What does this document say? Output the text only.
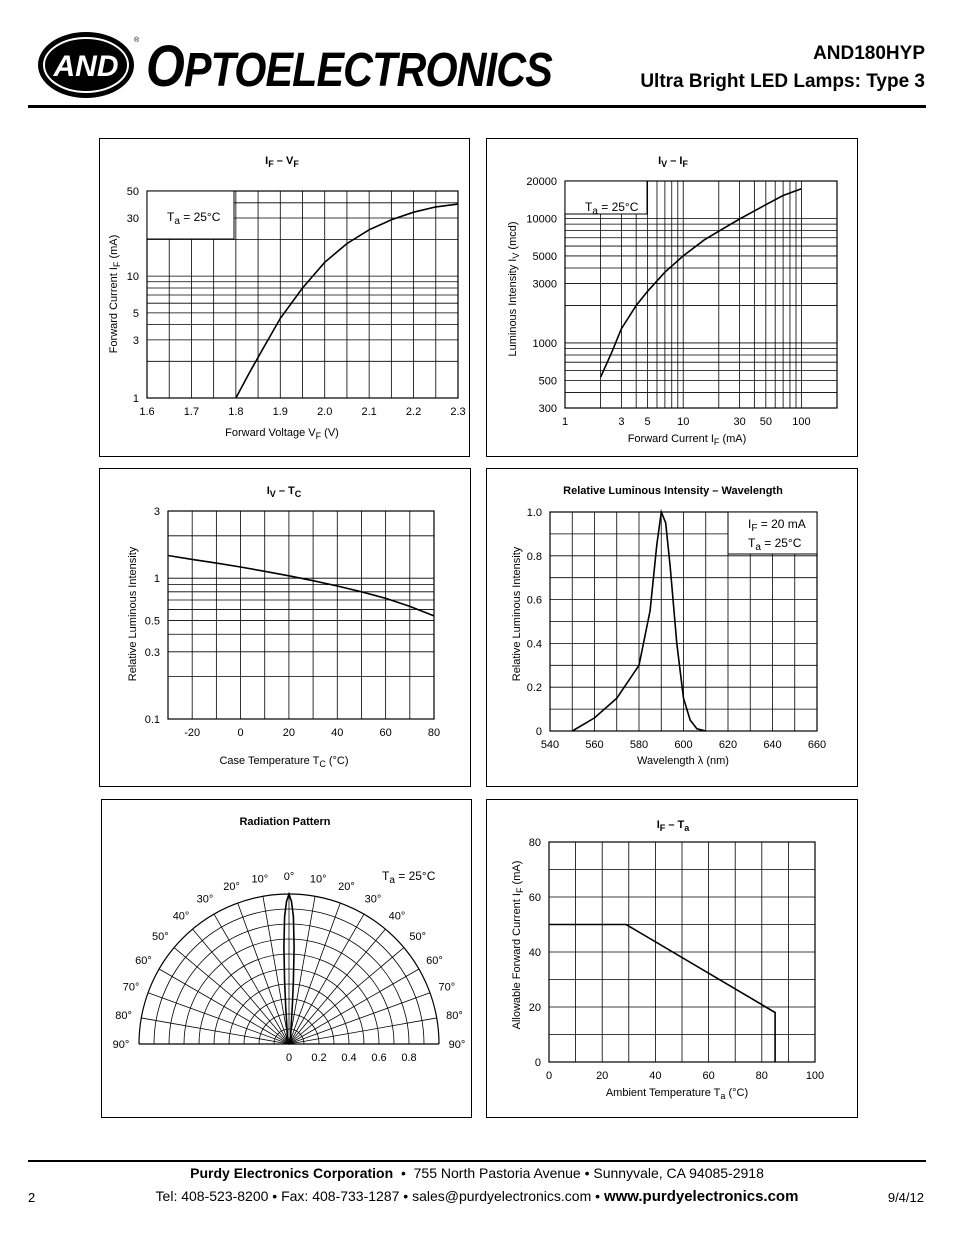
AND
® OPTOELECTRONICS	AND180HYP
Ultra Bright LED Lamps: Type 3
$T_a = 25^\circ C$
1.6	1.7	1.8	1.9	2.0	2.1	2.2	2.3
1
3
5
10
30
50
$I_F - V_F$
Forward Voltage $V_F$ (V)
Forward Current $I_F$ (mA)
$T_a = 25^\circ C$
1	3 5 10	30 50 100
300
500
1000
3000
5000
10000
20000
$I_V - I_F$
Forward Current $I_F$ (mA)
Luminous Intensity $I_V$ (mcd)
-20	0	20	40	60	80
0.1
0.3
0.5
1
3
$I_V - T_C$
Case Temperature $T_C$ (°C)
Relative Luminous Intensity
$I_F = 20$ mA
$T_a = 25^\circ C$
540 560 580 600 620 640 660
0
0.2
0.4
0.6
0.8
1.0
Relative Luminous Intensity – Wavelength
Wavelength λ (nm)
Relative Luminous Intensity
Radiation Pattern
0° 10°
10°
20°
20°
30°
30°
40°
40°
50°
50°
60°
60°
70°
70°
80°
80°
90°
90°
0 0.2 0.4 0.6 0.8
$T_a = 25^\circ C$
0	20	40	60	80	100
0
20
40
60
80
$I_F - T_a$
Ambient Temperature $T_a$ (°C)
Allowable Forward Current $I_F$ (mA)
Purdy Electronics Corporation  •  755 North Pastoria Avenue • Sunnyvale, CA 94085-2918
Tel: 408-523-8200 • Fax: 408-733-1287 • sales@purdyelectronics.com • www.purdyelectronics.com
2	9/4/12
